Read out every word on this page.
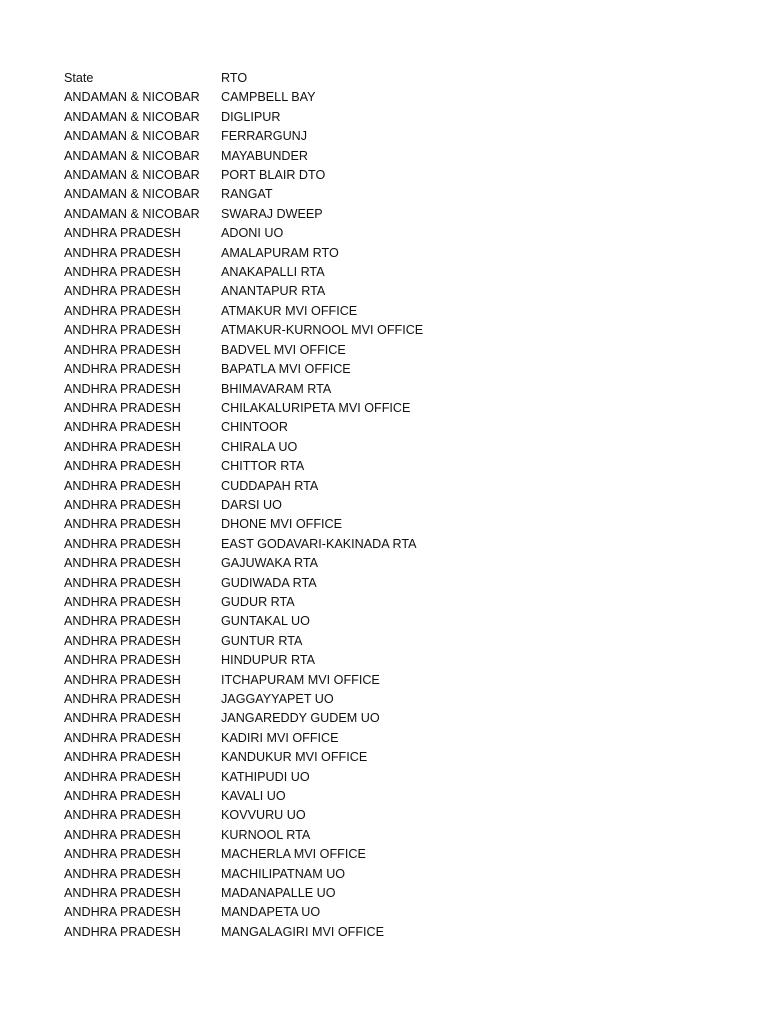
State	RTO
ANDAMAN & NICOBAR	CAMPBELL BAY
ANDAMAN & NICOBAR	DIGLIPUR
ANDAMAN & NICOBAR	FERRARGUNJ
ANDAMAN & NICOBAR	MAYABUNDER
ANDAMAN & NICOBAR	PORT BLAIR DTO
ANDAMAN & NICOBAR	RANGAT
ANDAMAN & NICOBAR	SWARAJ DWEEP
ANDHRA PRADESH	ADONI UO
ANDHRA PRADESH	AMALAPURAM RTO
ANDHRA PRADESH	ANAKAPALLI RTA
ANDHRA PRADESH	ANANTAPUR RTA
ANDHRA PRADESH	ATMAKUR MVI OFFICE
ANDHRA PRADESH	ATMAKUR-KURNOOL MVI OFFICE
ANDHRA PRADESH	BADVEL MVI OFFICE
ANDHRA PRADESH	BAPATLA MVI OFFICE
ANDHRA PRADESH	BHIMAVARAM RTA
ANDHRA PRADESH	CHILAKALURIPETA MVI OFFICE
ANDHRA PRADESH	CHINTOOR
ANDHRA PRADESH	CHIRALA UO
ANDHRA PRADESH	CHITTOR RTA
ANDHRA PRADESH	CUDDAPAH RTA
ANDHRA PRADESH	DARSI UO
ANDHRA PRADESH	DHONE MVI OFFICE
ANDHRA PRADESH	EAST GODAVARI-KAKINADA RTA
ANDHRA PRADESH	GAJUWAKA RTA
ANDHRA PRADESH	GUDIWADA RTA
ANDHRA PRADESH	GUDUR RTA
ANDHRA PRADESH	GUNTAKAL UO
ANDHRA PRADESH	GUNTUR RTA
ANDHRA PRADESH	HINDUPUR RTA
ANDHRA PRADESH	ITCHAPURAM MVI OFFICE
ANDHRA PRADESH	JAGGAYYAPET UO
ANDHRA PRADESH	JANGAREDDY GUDEM UO
ANDHRA PRADESH	KADIRI MVI OFFICE
ANDHRA PRADESH	KANDUKUR MVI OFFICE
ANDHRA PRADESH	KATHIPUDI UO
ANDHRA PRADESH	KAVALI UO
ANDHRA PRADESH	KOVVURU UO
ANDHRA PRADESH	KURNOOL RTA
ANDHRA PRADESH	MACHERLA MVI OFFICE
ANDHRA PRADESH	MACHILIPATNAM UO
ANDHRA PRADESH	MADANAPALLE UO
ANDHRA PRADESH	MANDAPETA UO
ANDHRA PRADESH	MANGALAGIRI MVI OFFICE
